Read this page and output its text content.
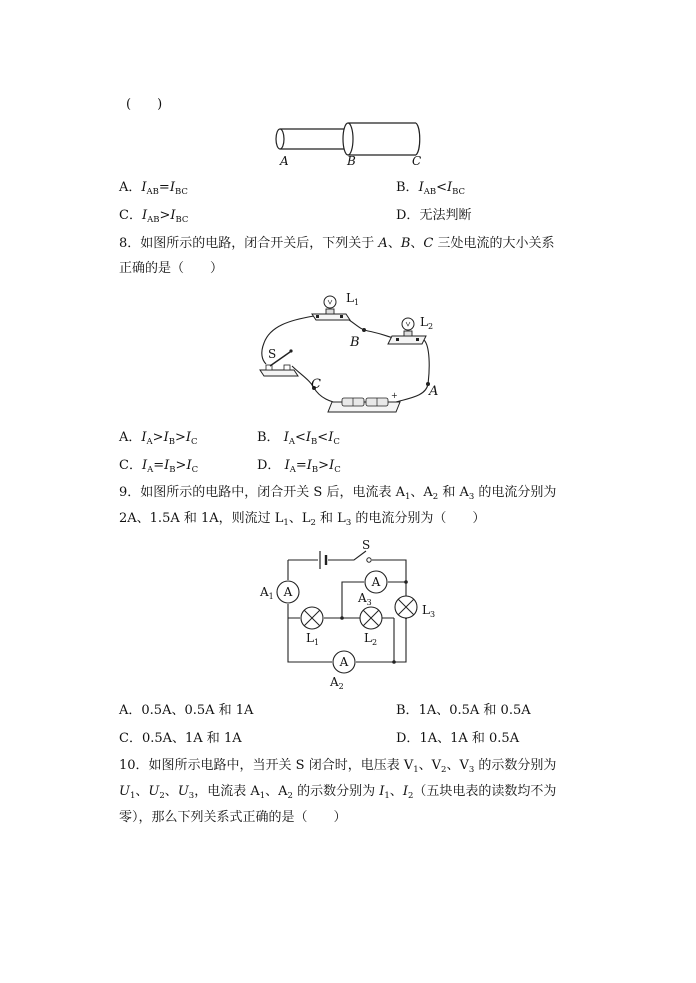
(　　)
A	B	C
A．$I_{AB}=I_{BC}$	B．$I_{AB}<I_{BC}$
C．$I_{AB}>I_{BC}$	D．无法判断
8．如图所示的电路，闭合开关后，下列关于 A、B、C 三处电流的大小关系
正确的是（　　）
+
$L_1$
$L_2$
S
B
A
C
A．$I_A>I_B>I_C$	B． $I_A<I_B<I_C$
C．$I_A=I_B>I_C$	D． $I_A=I_B>I_C$
9．如图所示的电路中，闭合开关 S 后，电流表 $A_1$、$A_2$ 和 $A_3$ 的电流分别为
2A、1.5A 和 1A，则流过 $L_1$、$L_2$ 和 $L_3$ 的电流分别为（　　）
A
A
A
S
$A_1$	$A_3$
$A_2$
$L_1$	$L_2$
$L_3$
A．0.5A、0.5A 和 1A	B．1A、0.5A 和 0.5A
C．0.5A、1A 和 1A	D．1A、1A 和 0.5A
10．如图所示电路中，当开关 S 闭合时，电压表 $V_1$、$V_2$、$V_3$ 的示数分别为
$U_1$、$U_2$、$U_3$，电流表 $A_1$、$A_2$ 的示数分别为 $I_1$、$I_2$（五块电表的读数均不为
零），那么下列关系式正确的是（　　）
